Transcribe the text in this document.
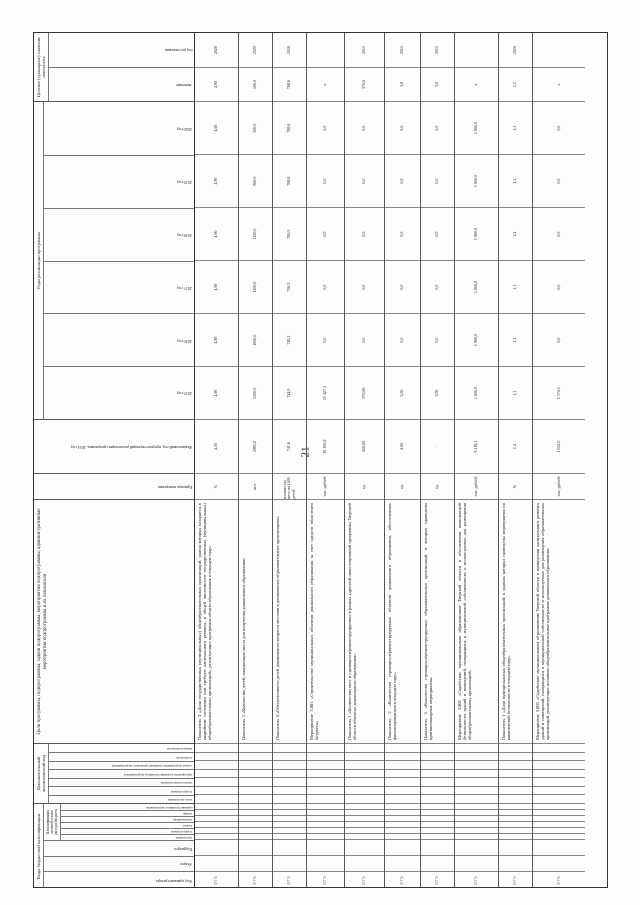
21
Коды бюджетной классификации
Код администратора
Раздел
Подраздел
Классификация целевой статьи расхода бюджета
программа
подпрограмма
задача
мероприятие
номер
административное мероприятие
Дополнительный аналитический код
цель программы
подпрограмма
задача подпрограммы
мероприятие (административное мероприятие)
номер мероприятия (административного мероприятия)
показатель
номер показателя
Цели программы, подпрограммы, задачи подпрограммы, мероприятия подпрограммы, административные мероприятия подпрограммы и их показатели
Единица измерения
Финансовый год, предшествующий реализации программы, 2014 год
Годы реализации программы
2015 год
2016 год
2017 год
2018 год
2019 год
2020 год
Целевое (суммарное) значение показателя
значение
год достижения
0 7 5
Показатель 2 «Доля государственных (муниципальных) общеобразовательных организаций, здания которых находятся в аварийном состоянии или требуют капитального ремонта, в общей численности государственных (муниципальных) общеобразовательных организаций», реализующих программы общего образования в текущем году»
%
4,50
4,90
4,90
4,90
4,90
4,90
4,90
4,90
2020
0 7 5
Показатель 3 «Количество детей, ожидающих места для получения дошкольного образования»
чел.
2985,0
2500,0
1850,0
1200,0
1100,0
800,0
500,0
500,0
2020
0 7 5
Показатель 4 «Обеспеченность детей дошкольного возраста местами в дошкольных образовательных организациях»
количество мест на 1000 детей
741,6
744,0
748,2
756,3
760,5
768,6
768,6
768,6
2020
0 7 5
Мероприятие 3.001 «Строительство муниципальных объектов дошкольного образования за счет средств областного бюджета»
тыс. рублей
16 195,9
35 427,3
0,0
0,0
0,0
0,0
0,0
х
0 7 5
Показатель 1 «Количество мест в строящихся/реконструируемых в рамках адресной инвестиционной программы Тверской области объектах дошкольного образования»
ед.
450,00
370,00
0,0
0,0
0,0
0,0
0,0
370,0
2015
0 7 5
Показатель 2 «Количество строящихся/реконструируемых объектов дошкольного образования, обеспеченных финансированием в текущем году»
ед.
4,00
3,00
0,0
0,0
0,0
0,0
0,0
3,0
2015
0 7 5
Показатель 3 «Количество строящихся/реконструируемых образовательных организаций, в которых проведены противопожарные мероприятия»
ед.
-
3,00
0,0
0,0
0,0
0,0
0,0
3,0
2015
0 7 5
Мероприятие 3.002 «Содействие муниципальным образованиям Тверской области в обеспечении комплексной безопасности зданий и помещений, находящихся в муниципальной собственности и используемых для размещения общеобразовательных организаций»
тыс. рублей
6 118,1
1 900,0
1 900,0
1 900,0
1 900,0
1 900,0
1 900,0
х
0 7 5
Показатель 1 «Доля муниципальных общеобразовательных организаций, в зданиях которых проведены мероприятия по комплексной безопасности в текущем году»
%
1,4
1,1
1,1
1,1
1,1
1,1
1,1
1,1
2020
0 7 5
Мероприятие 3.003 «Содействие муниципальным образованиям Тверской области в проведении капитального ремонта зданий и помещений, находящихся в муниципальной собственности и используемых для размещения образовательных организаций, реализующих основные общеобразовательные программы дошкольного образования»
тыс. рублей
1 052,0
1 170,1
0,0
0,0
0,0
0,0
0,0
х
